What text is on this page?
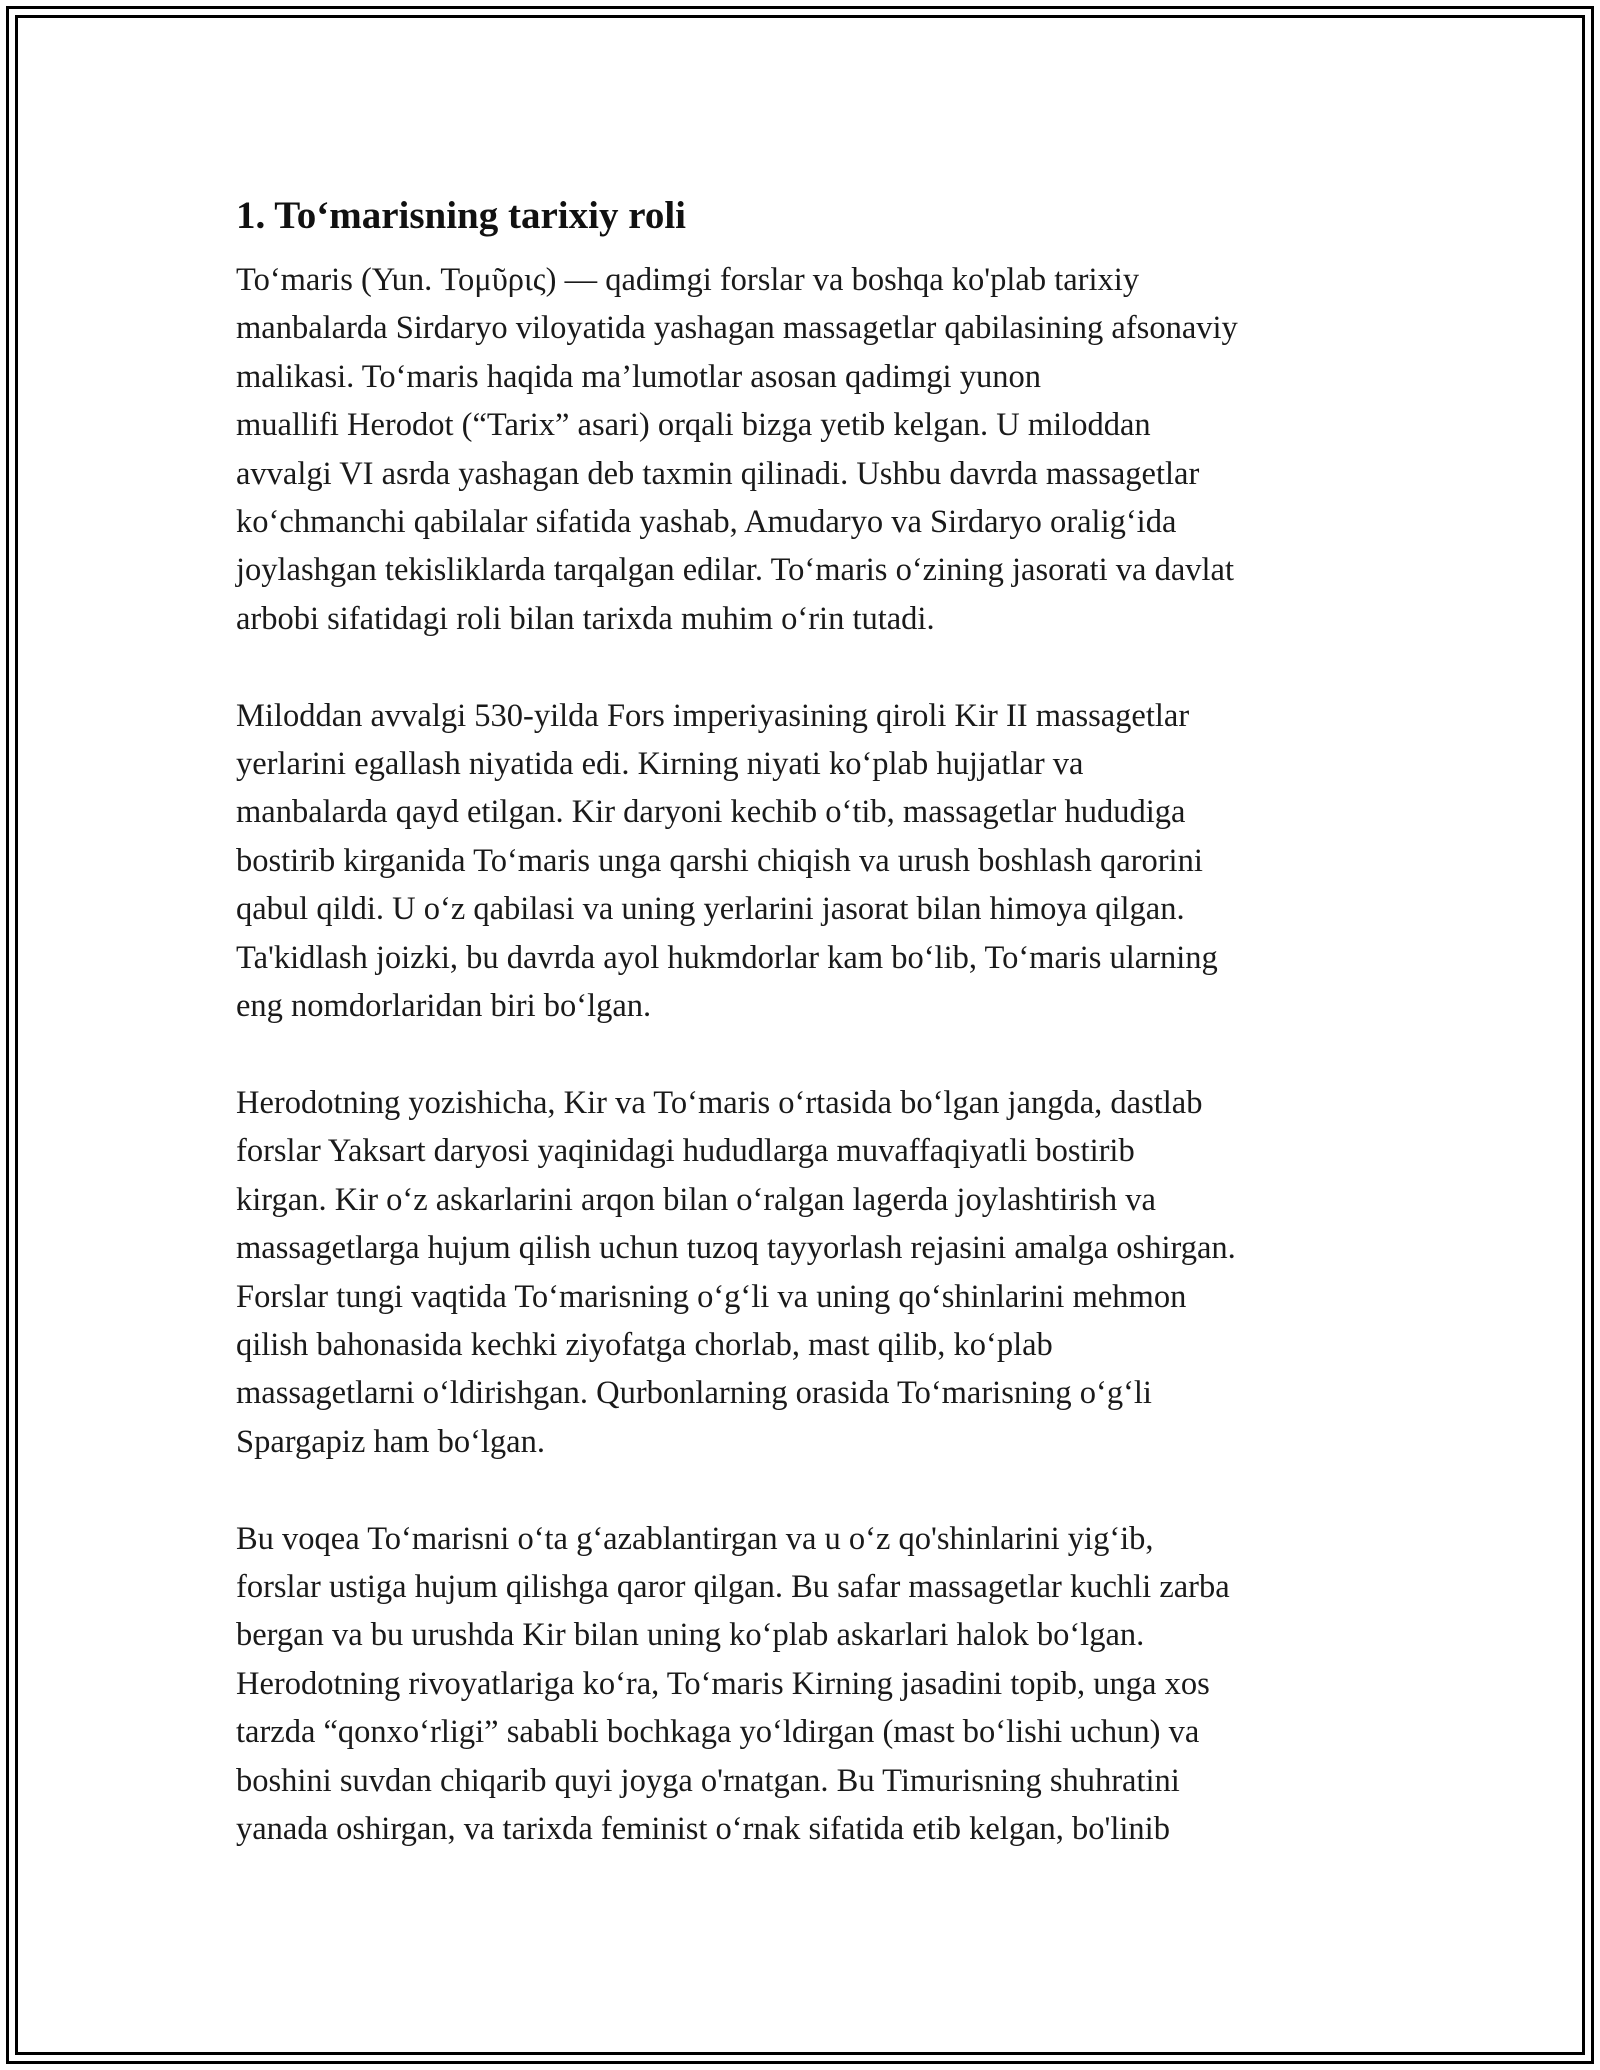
1. To‘marisning tarixiy roli

To‘maris (Yun. Τομῦρις) — qadimgi forslar va boshqa ko'plab tarixiy
manbalarda Sirdaryo viloyatida yashagan massagetlar qabilasining afsonaviy
malikasi. To‘maris haqida ma’lumotlar asosan qadimgi yunon
muallifi Herodot (“Tarix” asari) orqali bizga yetib kelgan. U miloddan
avvalgi VI asrda yashagan deb taxmin qilinadi. Ushbu davrda massagetlar
ko‘chmanchi qabilalar sifatida yashab, Amudaryo va Sirdaryo oralig‘ida
joylashgan tekisliklarda tarqalgan edilar. To‘maris o‘zining jasorati va davlat
arbobi sifatidagi roli bilan tarixda muhim o‘rin tutadi.

Miloddan avvalgi 530-yilda Fors imperiyasining qiroli Kir II massagetlar
yerlarini egallash niyatida edi. Kirning niyati ko‘plab hujjatlar va
manbalarda qayd etilgan. Kir daryoni kechib o‘tib, massagetlar hududiga
bostirib kirganida To‘maris unga qarshi chiqish va urush boshlash qarorini
qabul qildi. U o‘z qabilasi va uning yerlarini jasorat bilan himoya qilgan.
Ta'kidlash joizki, bu davrda ayol hukmdorlar kam bo‘lib, To‘maris ularning
eng nomdorlaridan biri bo‘lgan.

Herodotning yozishicha, Kir va To‘maris o‘rtasida bo‘lgan jangda, dastlab
forslar Yaksart daryosi yaqinidagi hududlarga muvaffaqiyatli bostirib
kirgan. Kir o‘z askarlarini arqon bilan o‘ralgan lagerda joylashtirish va
massagetlarga hujum qilish uchun tuzoq tayyorlash rejasini amalga oshirgan.
Forslar tungi vaqtida To‘marisning o‘g‘li va uning qo‘shinlarini mehmon
qilish bahonasida kechki ziyofatga chorlab, mast qilib, ko‘plab
massagetlarni o‘ldirishgan. Qurbonlarning orasida To‘marisning o‘g‘li
Spargapiz ham bo‘lgan.

Bu voqea To‘marisni o‘ta g‘azablantirgan va u o‘z qo'shinlarini yig‘ib,
forslar ustiga hujum qilishga qaror qilgan. Bu safar massagetlar kuchli zarba
bergan va bu urushda Kir bilan uning ko‘plab askarlari halok bo‘lgan.
Herodotning rivoyatlariga ko‘ra, To‘maris Kirning jasadini topib, unga xos
tarzda “qonxo‘rligi” sababli bochkaga yo‘ldirgan (mast bo‘lishi uchun) va
boshini suvdan chiqarib quyi joyga o'rnatgan. Bu Timurisning shuhratini
yanada oshirgan, va tarixda feminist o‘rnak sifatida etib kelgan, bo'linib
